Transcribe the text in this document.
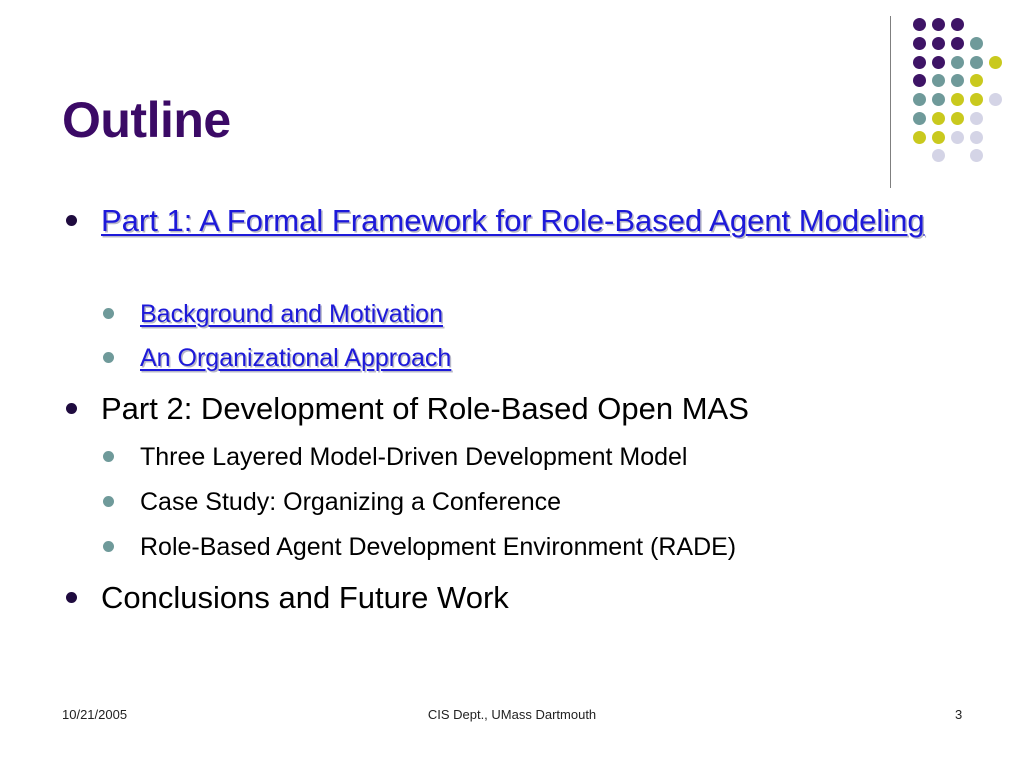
Outline
Part 1: A Formal Framework for Role-Based Agent Modeling
Background and Motivation
An Organizational Approach
Part 2: Development of Role-Based Open MAS
Three Layered Model-Driven Development Model
Case Study: Organizing a Conference
Role-Based Agent Development Environment (RADE)
Conclusions and Future Work
10/21/2005	CIS Dept., UMass Dartmouth	3
